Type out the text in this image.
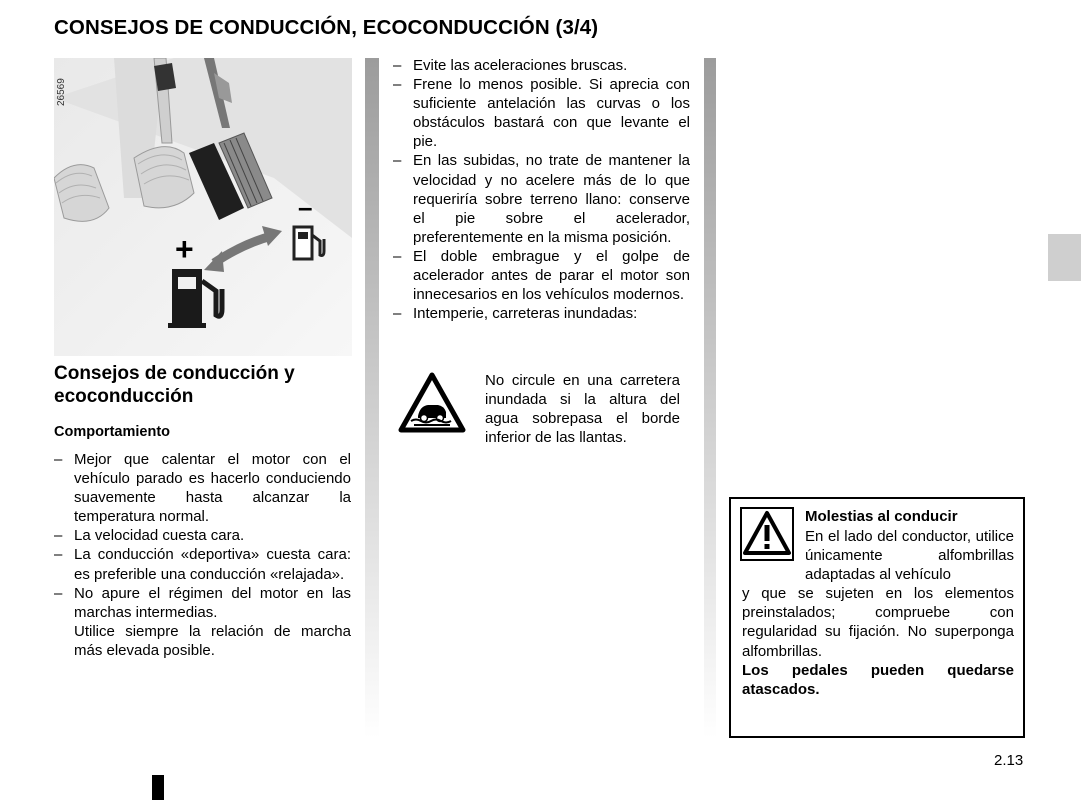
CONSEJOS DE CONDUCCIÓN, ECOCONDUCCIÓN (3/4)
–
+
26569
Consejos de conducción y ecoconducción
Comportamiento
– Mejor que calentar el motor con el vehículo parado es hacerlo conduciendo suavemente hasta alcanzar la temperatura normal.
– La velocidad cuesta cara.
– La conducción «deportiva» cuesta cara: es preferible una conducción «relajada».
– No apure el régimen del motor en las marchas intermedias.
Utilice siempre la relación de marcha más elevada posible.
– Evite las aceleraciones bruscas.
– Frene lo menos posible. Si aprecia con suficiente antelación las curvas o los obstáculos bastará con que levante el pie.
– En las subidas, no trate de mantener la velocidad y no acelere más de lo que requeriría sobre terreno llano: conserve el pie sobre el acelerador, preferentemente en la misma posición.
– El doble embrague y el golpe de acelerador antes de parar el motor son innecesarios en los vehículos modernos.
– Intemperie, carreteras inundadas:
No circule en una carretera inundada si la altura del agua sobrepasa el borde inferior de las llantas.
Molestias al conducir
En el lado del conductor, utilice únicamente alfombrillas adaptadas al vehículo
y que se sujeten en los elementos preinstalados; compruebe con regularidad su fijación. No superponga alfombrillas.
Los pedales pueden quedarse atascados.
2.13
